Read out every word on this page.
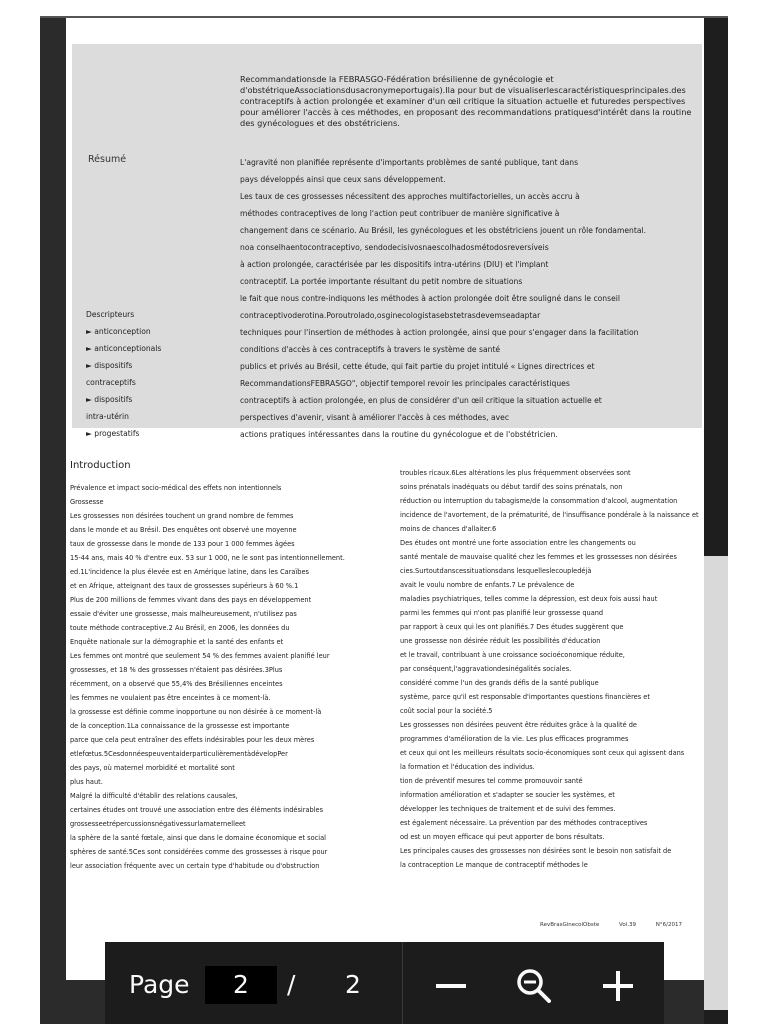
Recommandationsde la FEBRASGO-Fédération brésilienne de gynécologie et d'obstétriqueAssociationsdusacronymeportugais).Ila pour but de visualiserlescaractéristiquesprincipales.des contraceptifs à action prolongée et examiner d'un œil critique la situation actuelle et futuredes perspectives pour améliorer l'accès à ces méthodes, en proposant des recommandations pratiquesd'intérêt dans la routine des gynécologues et des obstétriciens.
Résumé	L'agravité non planifiée représente d'importants problèmes de santé publique, tant dans
pays développés ainsi que ceux sans développement.
Les taux de ces grossesses nécessitent des approches multifactorielles, un accès accru à
méthodes contraceptives de long l'action peut contribuer de manière significative à
changement dans ce scénario. Au Brésil, les gynécologues et les obstétriciens jouent un rôle fondamental.
noa conselhaentocontraceptivo, sendodecisivosnaescolhadosmétodosreversíveis
à action prolongée, caractérisée par les dispositifs intra-utérins (DIU) et l'implant
contraceptif. La portée importante résultant du petit nombre de situations
le fait que nous contre-indiquons les méthodes à action prolongée doit être souligné dans le conseil
contraceptivoderotina.Poroutrolado,osginecologistasebstetrasdevemseadaptar
techniques pour l'insertion de méthodes à action prolongée, ainsi que pour s'engager dans la facilitation
conditions d'accès à ces contraceptifs à travers le système de santé
publics et privés au Brésil, cette étude, qui fait partie du projet intitulé « Lignes directrices et
RecommandationsFEBRASGO", objectif temporel revoir les principales caractéristiques
contraceptifs à action prolongée, en plus de considérer d'un œil critique la situation actuelle et
perspectives d'avenir, visant à améliorer l'accès à ces méthodes, avec
actions pratiques intéressantes dans la routine du gynécologue et de l'obstétricien.
Descripteurs
► anticonception
► anticonceptionals
► dispositifs
contraceptifs
► dispositifs
intra-utérin
► progestatifs
Introduction
Prévalence et impact socio-médical des effets non intentionnels
Grossesse
Les grossesses non désirées touchent un grand nombre de femmes
dans le monde et au Brésil. Des enquêtes ont observé une moyenne
taux de grossesse dans le monde de 133 pour 1 000 femmes âgées
15-44 ans, mais 40 % d'entre eux. 53 sur 1 000, ne le sont pas intentionnellement.
ed.1L'incidence la plus élevée est en Amérique latine, dans les Caraïbes
et en Afrique, atteignant des taux de grossesses supérieurs à 60 %.1
Plus de 200 millions de femmes vivant dans des pays en développement
essaie d'éviter une grossesse, mais malheureusement, n'utilisez pas
toute méthode contraceptive.2 Au Brésil, en 2006, les données du
Enquête nationale sur la démographie et la santé des enfants et
Les femmes ont montré que seulement 54 % des femmes avaient planifié leur
grossesses, et 18 % des grossesses n'étaient pas désirées.3Plus
récemment, on a observé que 55,4% des Brésiliennes enceintes
les femmes ne voulaient pas être enceintes à ce moment-là.
la grossesse est définie comme inopportune ou non désirée à ce moment-là
de la conception.1La connaissance de la grossesse est importante
parce que cela peut entraîner des effets indésirables pour les deux mères
etlefœtus.5CesdonnéespeuventaiderparticulièrementàdévelopPer
des pays, où maternel morbidité et mortalité sont
plus haut.
Malgré la difficulté d'établir des relations causales,
certaines études ont trouvé une association entre des éléments indésirables
grossesseetrépercussionsnégativessurlamaternelleet
la sphère de la santé fœtale, ainsi que dans le domaine économique et social
sphères de santé.5Ces sont considérées comme des grossesses à risque pour
leur association fréquente avec un certain type d'habitude ou d'obstruction
troubles ricaux.6Les altérations les plus fréquemment observées sont
soins prénatals inadéquats ou début tardif des soins prénatals, non
réduction ou interruption du tabagisme/de la consommation d'alcool, augmentation
incidence de l'avortement, de la prématurité, de l'insuffisance pondérale à la naissance et
moins de chances d'allaiter.6
Des études ont montré une forte association entre les changements ou
santé mentale de mauvaise qualité chez les femmes et les grossesses non désirées
cies.Surtoutdanscessituationsdans lesquelleslecoupledéjà
avait le voulu nombre de enfants.7 Le prévalence de
maladies psychiatriques, telles comme la dépression, est deux fois aussi haut
parmi les femmes qui n'ont pas planifié leur grossesse quand
par rapport à ceux qui les ont planifiés.7 Des études suggèrent que
une grossesse non désirée réduit les possibilités d'éducation
et le travail, contribuant à une croissance socioéconomique réduite,
par conséquent,l'aggravationdesinégalités sociales.
considéré comme l'un des grands défis de la santé publique
système, parce qu'il est responsable d'importantes questions financières et
coût social pour la société.5
Les grossesses non désirées peuvent être réduites grâce à la qualité de
programmes d'amélioration de la vie. Les plus efficaces programmes
et ceux qui ont les meilleurs résultats socio-économiques sont ceux qui agissent dans
la formation et l'éducation des individus.
tion de préventif mesures tel comme promouvoir santé
information amélioration et s'adapter se soucier les systèmes, et
développer les techniques de traitement et de suivi des femmes.
est également nécessaire. La prévention par des méthodes contraceptives
od est un moyen efficace qui peut apporter de bons résultats.
Les principales causes des grossesses non désirées sont le besoin non satisfait de
la contraception Le manque de contraceptif méthodes le
RevBrasGinecolObste	Vol.39	N°6/2017
Page	2	/ 2
